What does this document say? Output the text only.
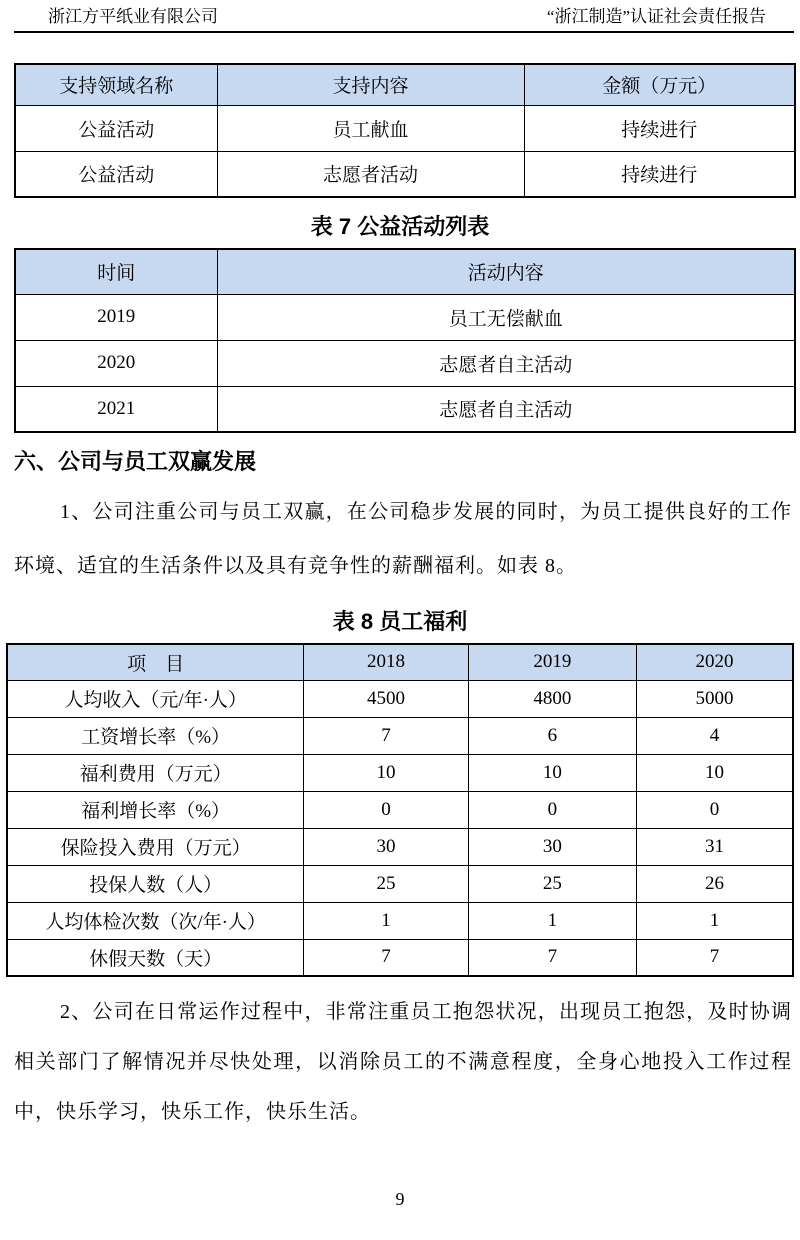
浙江方平纸业有限公司	“浙江制造”认证社会责任报告
支持领域名称	支持内容	金额（万元）
公益活动	员工献血	持续进行
公益活动	志愿者活动	持续进行
表 7 公益活动列表
时间	活动内容
2019	员工无偿献血
2020	志愿者自主活动
2021	志愿者自主活动
六、公司与员工双赢发展

1、公司注重公司与员工双赢，在公司稳步发展的同时，为员工提供良好的工作环境、适宜的生活条件以及具有竞争性的薪酬福利。如表 8。

表 8 员工福利
项　目	2018	2019	2020
人均收入（元/年·人）	4500	4800	5000
工资增长率（%）	7	6	4
福利费用（万元）	10	10	10
福利增长率（%）	0	0	0
保险投入费用（万元）	30	30	31
投保人数（人）	25	25	26
人均体检次数（次/年·人）	1	1	1
休假天数（天）	7	7	7

2、公司在日常运作过程中，非常注重员工抱怨状况，出现员工抱怨，及时协调相关部门了解情况并尽快处理，以消除员工的不满意程度，全身心地投入工作过程中，快乐学习，快乐工作，快乐生活。

9
